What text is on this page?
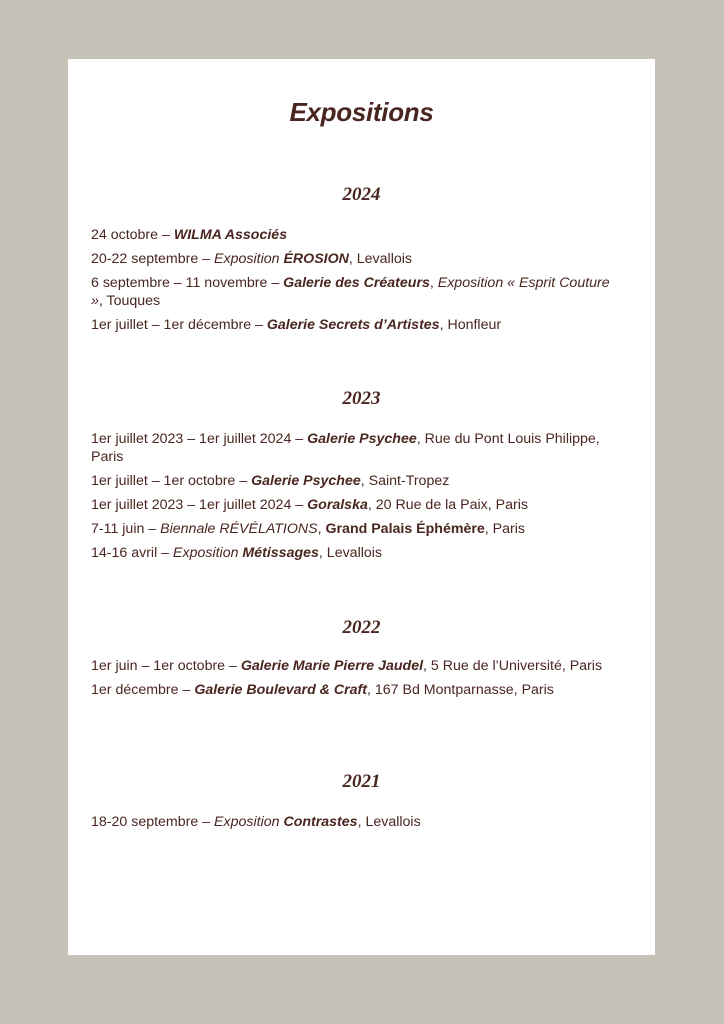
Expositions
2024
24 octobre – WILMA Associés
20-22 septembre – Exposition ÉROSION, Levallois
6 septembre – 11 novembre – Galerie des Créateurs, Exposition « Esprit Couture », Touques
1er juillet – 1er décembre – Galerie Secrets d’Artistes, Honfleur
2023
1er juillet 2023 – 1er juillet 2024 – Galerie Psychee, Rue du Pont Louis Philippe, Paris
1er juillet – 1er octobre – Galerie Psychee, Saint-Tropez
1er juillet 2023 – 1er juillet 2024 – Goralska, 20 Rue de la Paix, Paris
7-11 juin – Biennale RÉVÉLATIONS, Grand Palais Éphémère, Paris
14-16 avril – Exposition Métissages, Levallois
2022
1er juin – 1er octobre – Galerie Marie Pierre Jaudel, 5 Rue de l’Université, Paris
1er décembre – Galerie Boulevard & Craft, 167 Bd Montparnasse, Paris
2021
18-20 septembre – Exposition Contrastes, Levallois
